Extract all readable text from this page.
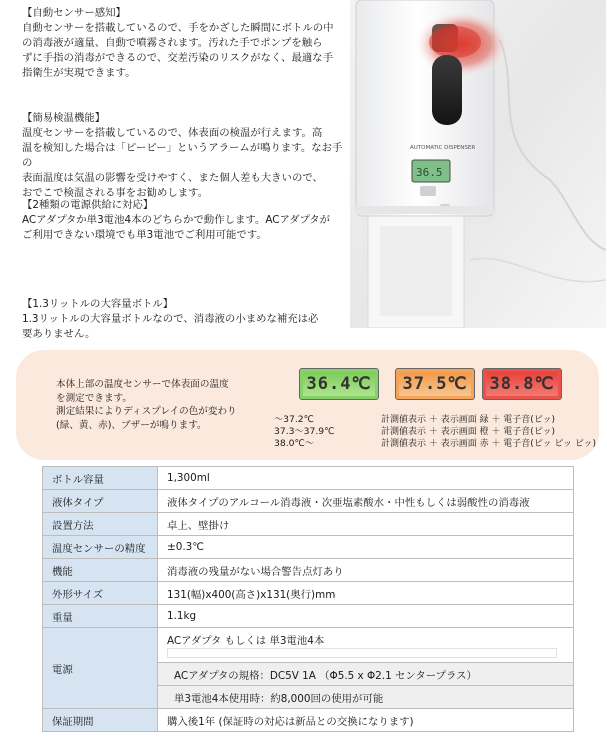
【自動センサー感知】
自動センサーを搭載しているので、手をかざした瞬間にボトルの中
の消毒液が適量、自動で噴霧されます。汚れた手でポンプを触ら
ずに手指の消毒ができるので、交差汚染のリスクがなく、最適な手
指衛生が実現できます。
【簡易検温機能】
温度センサーを搭載しているので、体表面の検温が行えます。高
温を検知した場合は「ピーピー」というアラームが鳴ります。なお手の
表面温度は気温の影響を受けやすく、また個人差も大きいので、
おでこで検温される事をお勧めします。
【2種類の電源供給に対応】
ACアダプタか単3電池4本のどちらかで動作します。ACアダプタが
ご利用できない環境でも単3電池でご利用可能です。
【1.3リットルの大容量ボトル】
1.3リットルの大容量ボトルなので、消毒液の小まめな補充は必
要ありません。
AUTOMATIC DISPENSER
36.5
本体上部の温度センサーで体表面の温度
を測定できます。
測定結果によりディスプレイの色が変わり
(緑、黄、赤)、ブザーが鳴ります。
36.4℃ 37.5℃ 38.8℃
～37.2℃	計測値表示 ＋ 表示画面 緑 ＋ 電子音(ピッ)
37.3～37.9℃	計測値表示 ＋ 表示画面 橙 ＋ 電子音(ピッ)
38.0℃～	計測値表示 ＋ 表示画面 赤 ＋ 電子音(ピッ ピッ ピッ)
ボトル容量	1,300ml
液体タイプ	液体タイプのアルコール消毒液・次亜塩素酸水・中性もしくは弱酸性の消毒液
設置方法	卓上、壁掛け
温度センサーの精度	±0.3℃
機能	消毒液の残量がない場合警告点灯あり
外形サイズ	131(幅)x400(高さ)x131(奥行)mm
重量	1.1kg
電源	ACアダプタ もしくは 単3電池4本

	ACアダプタの規格：DC5V 1A （Φ5.5 x Φ2.1 センタープラス）
	単3電池4本使用時：約8,000回の使用が可能
保証期間	購入後1年 (保証時の対応は新品との交換になります)
